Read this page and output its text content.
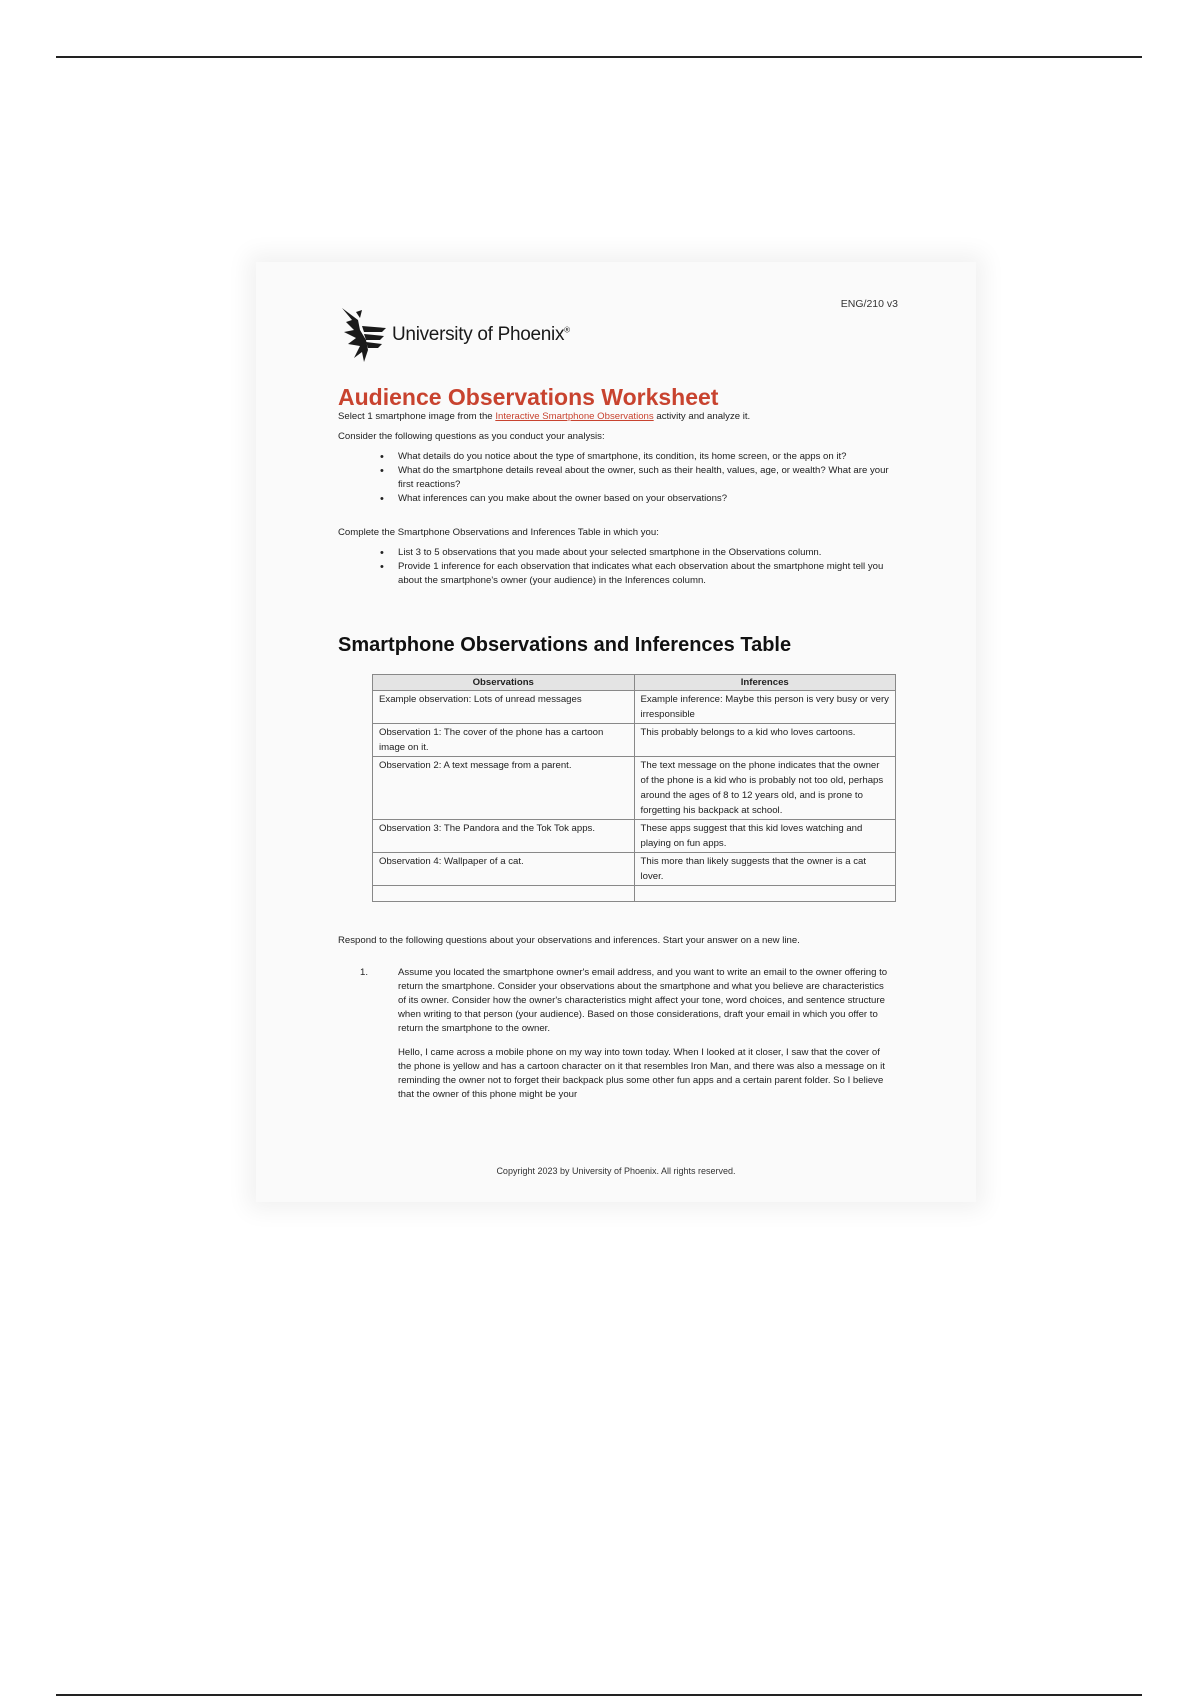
ENG/210 v3
University of Phoenix®
Audience Observations Worksheet

Select 1 smartphone image from the Interactive Smartphone Observations activity and analyze it.

Consider the following questions as you conduct your analysis:

• What details do you notice about the type of smartphone, its condition, its home screen, or the apps on it?
• What do the smartphone details reveal about the owner, such as their health, values, age, or wealth? What are your first reactions?
• What inferences can you make about the owner based on your observations?

Complete the Smartphone Observations and Inferences Table in which you:

• List 3 to 5 observations that you made about your selected smartphone in the Observations column.
• Provide 1 inference for each observation that indicates what each observation about the smartphone might tell you about the smartphone's owner (your audience) in the Inferences column.
Smartphone Observations and Inferences Table
Observations	Inferences
Example observation: Lots of unread messages	Example inference: Maybe this person is very busy or very irresponsible
Observation 1: The cover of the phone has a cartoon image on it.	This probably belongs to a kid who loves cartoons.
Observation 2: A text message from a parent.	The text message on the phone indicates that the owner of the phone is a kid who is probably not too old, perhaps around the ages of 8 to 12 years old, and is prone to forgetting his backpack at school.
Observation 3: The Pandora and the Tok Tok apps.	These apps suggest that this kid loves watching and playing on fun apps.
Observation 4: Wallpaper of a cat.	This more than likely suggests that the owner is a cat lover.

Respond to the following questions about your observations and inferences. Start your answer on a new line.

1.	Assume you located the smartphone owner's email address, and you want to write an email to the owner offering to return the smartphone. Consider your observations about the smartphone and what you believe are characteristics of its owner. Consider how the owner's characteristics might affect your tone, word choices, and sentence structure when writing to that person (your audience). Based on those considerations, draft your email in which you offer to return the smartphone to the owner.
Hello, I came across a mobile phone on my way into town today. When I looked at it closer, I saw that the cover of the phone is yellow and has a cartoon character on it that resembles Iron Man, and there was also a message on it reminding the owner not to forget their backpack plus some other fun apps and a certain parent folder. So I believe that the owner of this phone might be your
Copyright 2023 by University of Phoenix. All rights reserved.
